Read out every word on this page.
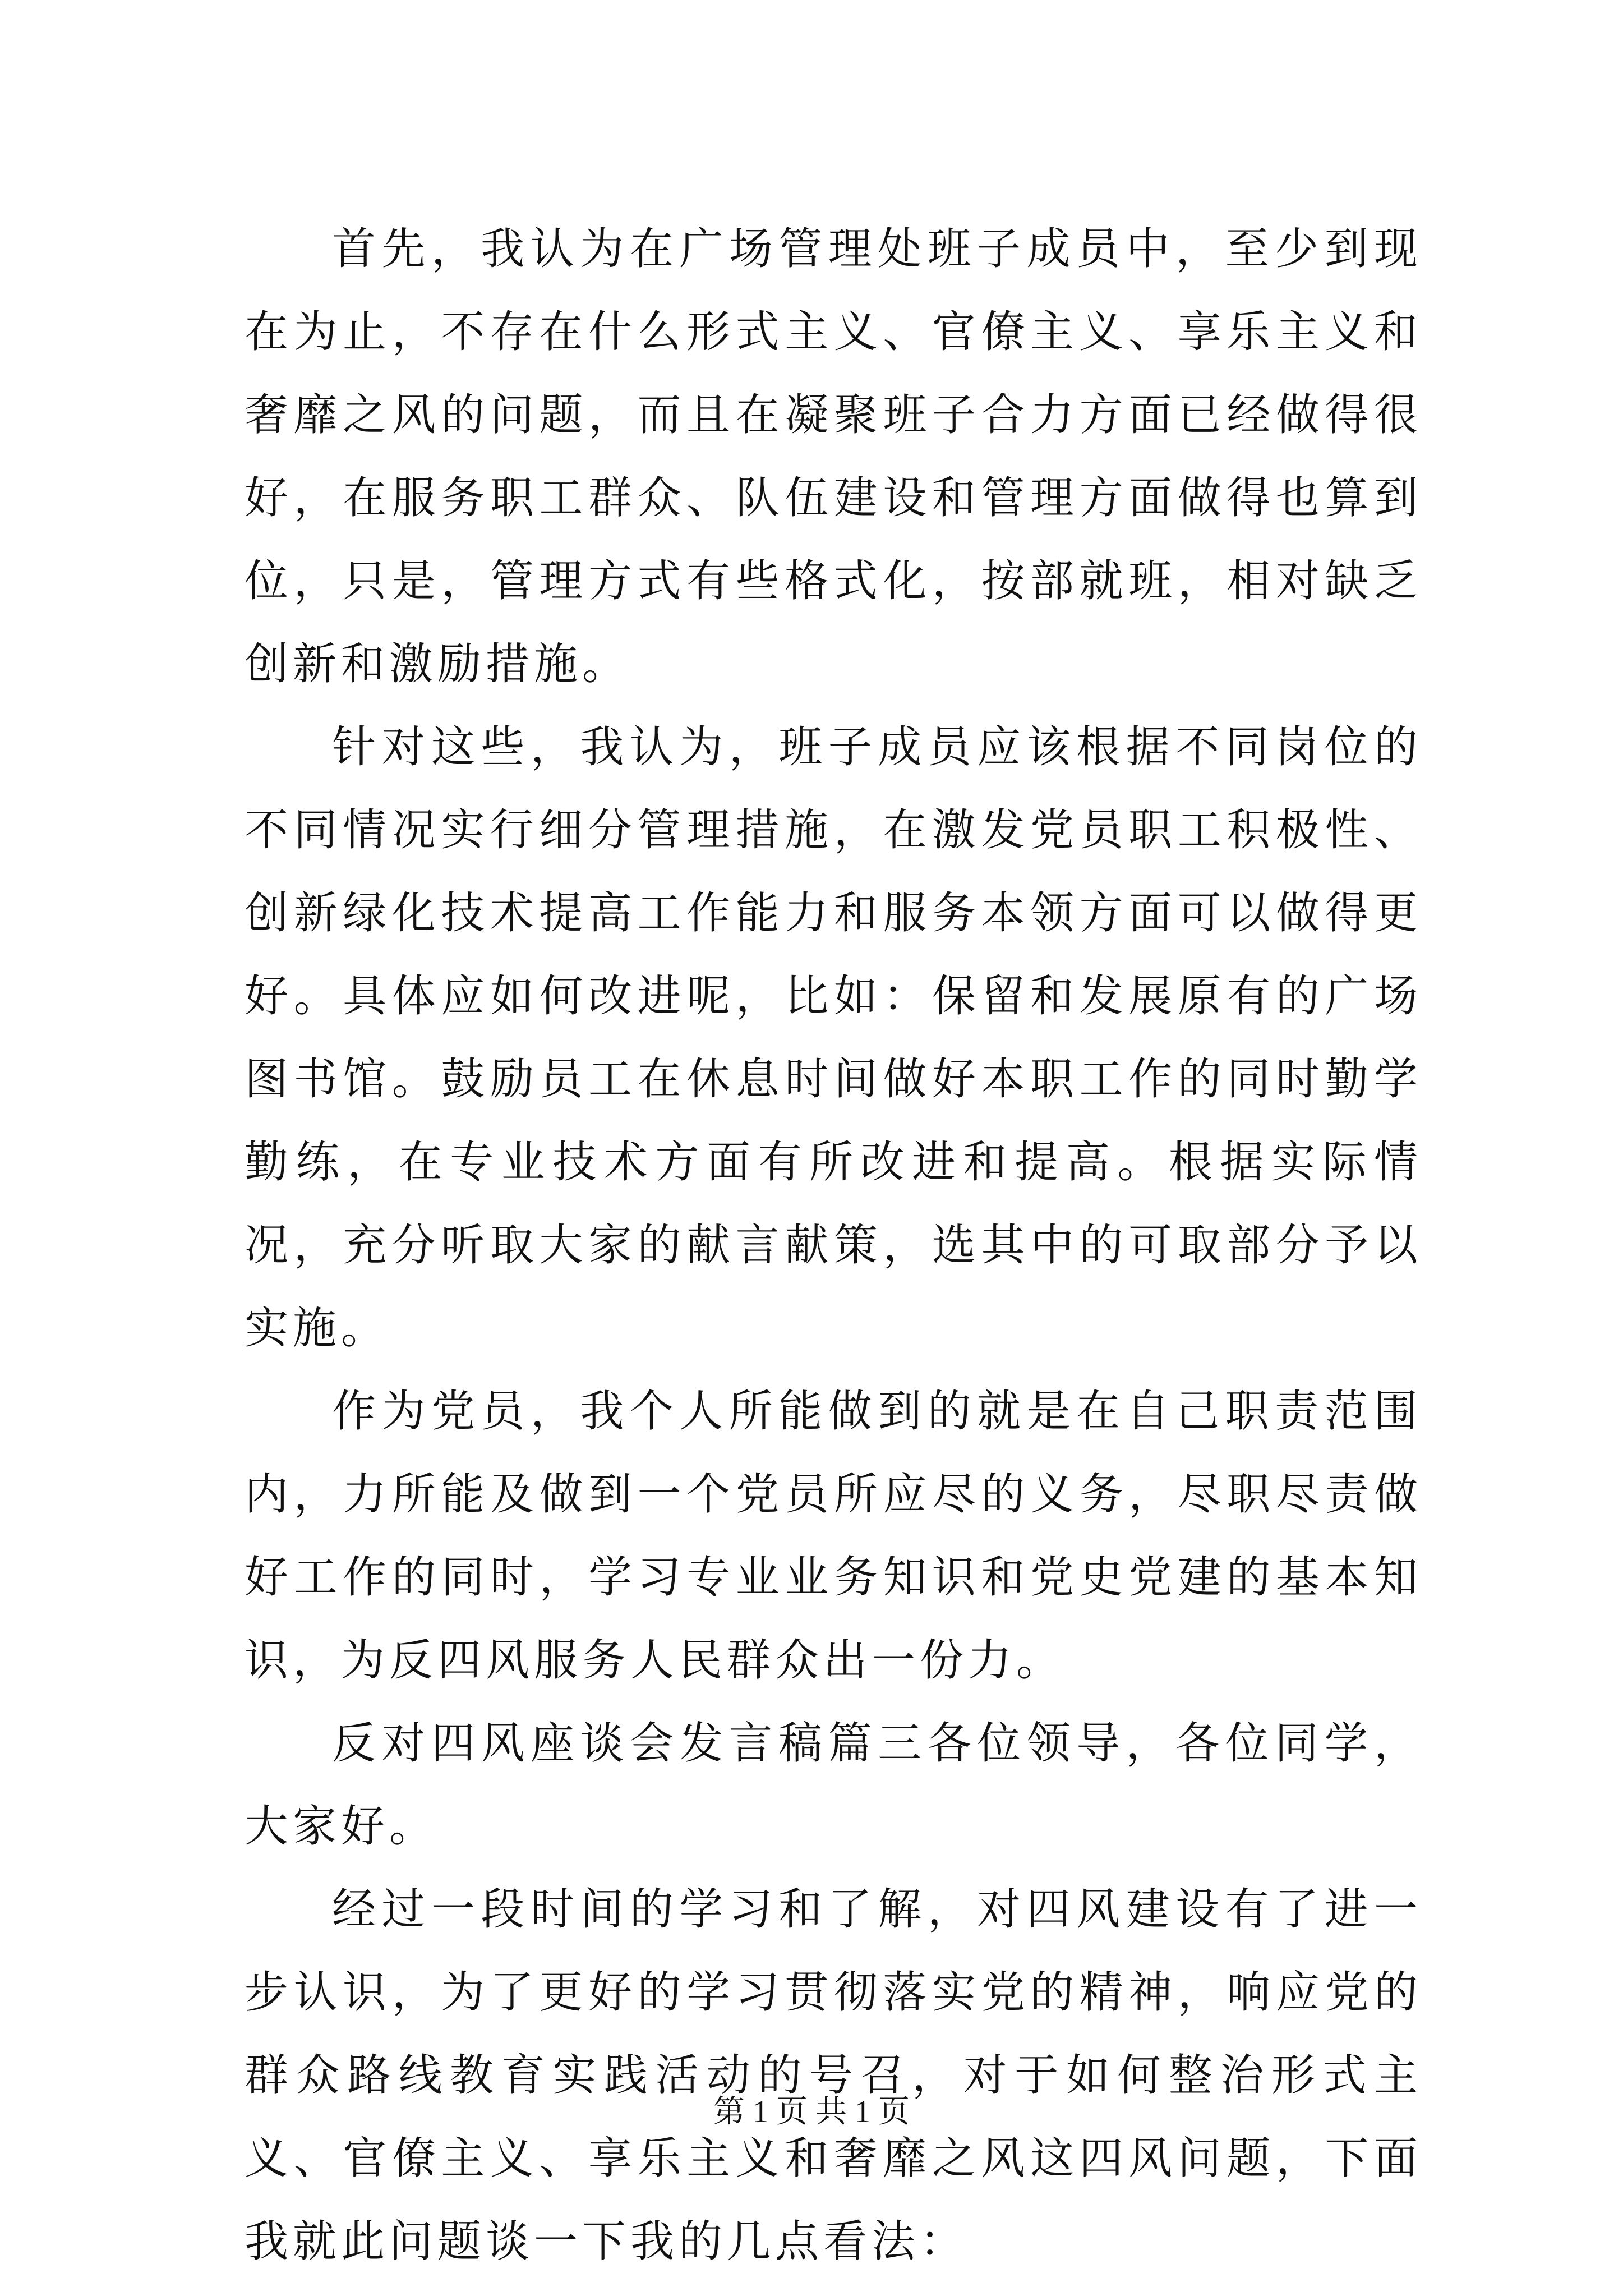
首先，我认为在广场管理处班子成员中，至少到现在为止，不存在什么形式主义、官僚主义、享乐主义和奢靡之风的问题，而且在凝聚班子合力方面已经做得很好，在服务职工群众、队伍建设和管理方面做得也算到位，只是，管理方式有些格式化，按部就班，相对缺乏创新和激励措施。

针对这些，我认为，班子成员应该根据不同岗位的不同情况实行细分管理措施，在激发党员职工积极性、创新绿化技术提高工作能力和服务本领方面可以做得更好。具体应如何改进呢，比如：保留和发展原有的广场图书馆。鼓励员工在休息时间做好本职工作的同时勤学勤练，在专业技术方面有所改进和提高。根据实际情况，充分听取大家的献言献策，选其中的可取部分予以实施。

作为党员，我个人所能做到的就是在自己职责范围内，力所能及做到一个党员所应尽的义务，尽职尽责做好工作的同时，学习专业业务知识和党史党建的基本知识，为反四风服务人民群众出一份力。

反对四风座谈会发言稿篇三各位领导，各位同学，大家好。

经过一段时间的学习和了解，对四风建设有了进一步认识，为了更好的学习贯彻落实党的精神，响应党的群众路线教育实践活动的号召，对于如何整治形式主义、官僚主义、享乐主义和奢靡之风这四风问题，下面我就此问题谈一下我的几点看法：

第 1 页 共 1 页
